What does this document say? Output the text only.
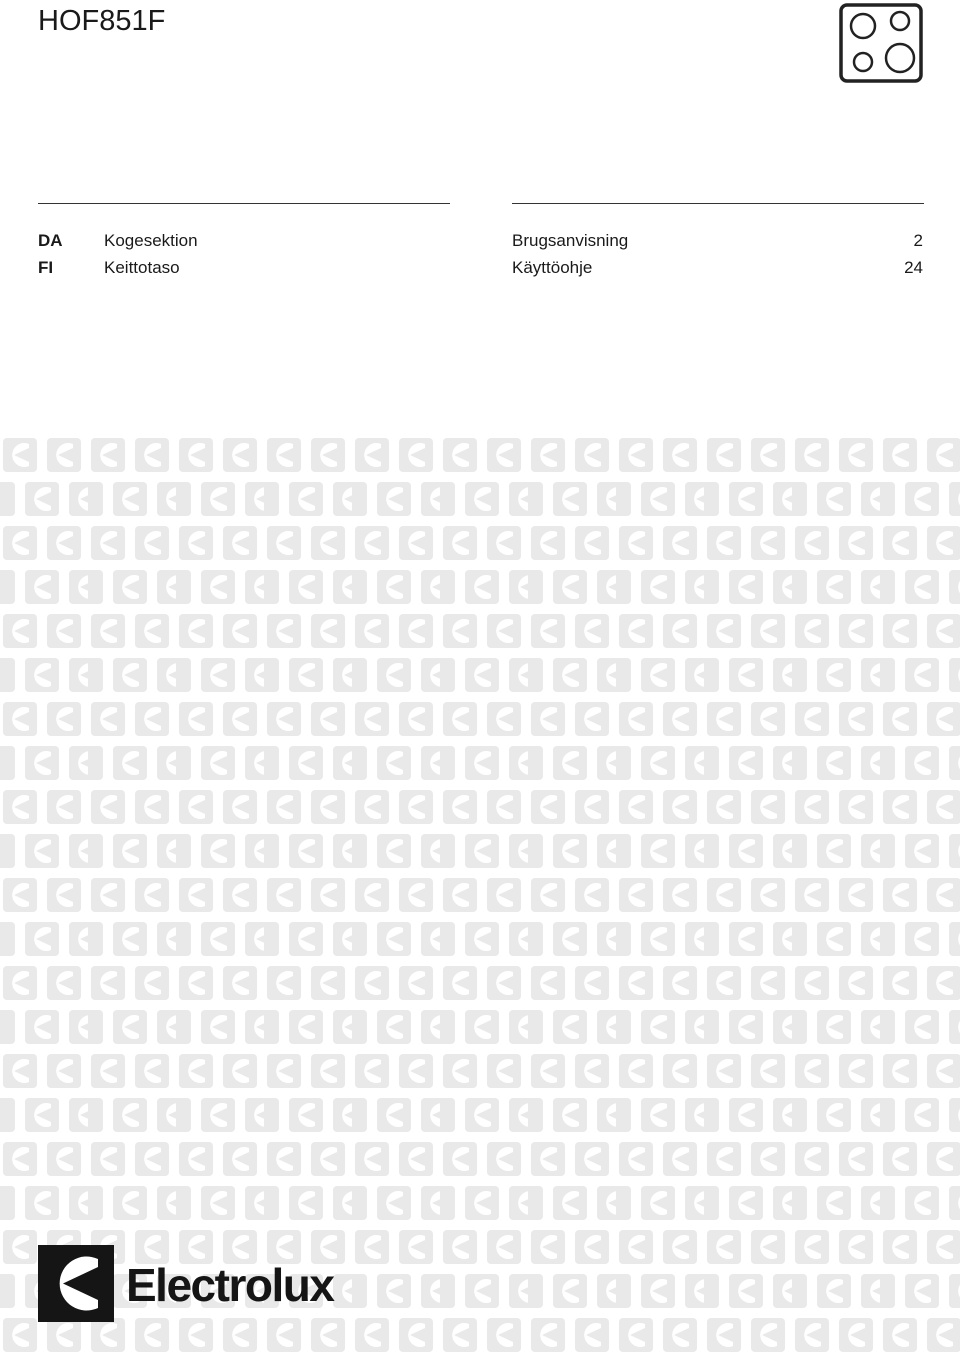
HOF851F
DA Kogesektion	Brugsanvisning	2
FI	Keittotaso	Käyttöohje	24
Electrolux
